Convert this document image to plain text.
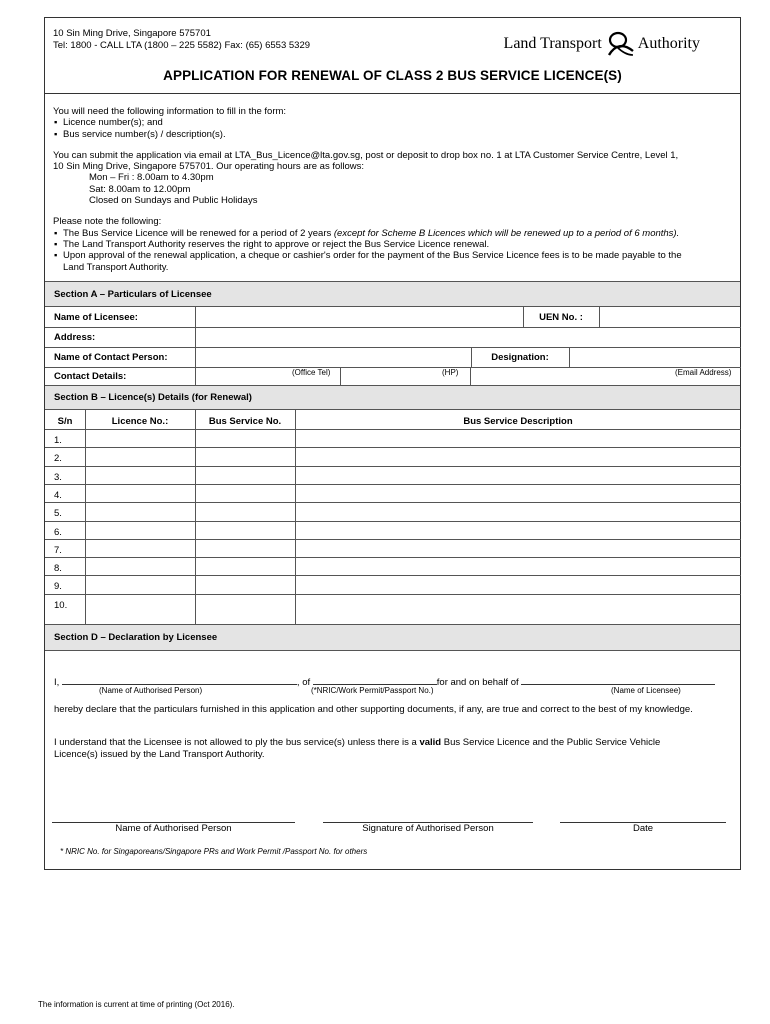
10 Sin Ming Drive, Singapore 575701
Tel: 1800 - CALL LTA (1800 – 225 5582) Fax: (65) 6553 5329	Land Transport Authority
APPLICATION FOR RENEWAL OF CLASS 2 BUS SERVICE LICENCE(S)

You will need the following information to fill in the form:

▪ Licence number(s); and
▪ Bus service number(s) / description(s).

You can submit the application via email at LTA_Bus_Licence@lta.gov.sg, post or deposit to drop box no. 1 at LTA Customer Service Centre, Level 1,

10 Sin Ming Drive, Singapore 575701. Our operating hours are as follows:

Mon – Fri : 8.00am to 4.30pm

Sat: 8.00am to 12.00pm

Closed on Sundays and Public Holidays

Please note the following:

▪ The Bus Service Licence will be renewed for a period of 2 years (except for Scheme B Licences which will be renewed up to a period of 6 months).
▪ The Land Transport Authority reserves the right to approve or reject the Bus Service Licence renewal.
▪ Upon approval of the renewal application, a cheque or cashier's order for the payment of the Bus Service Licence fees is to be made payable to the
Land Transport Authority.
Section A – Particulars of Licensee
Name of Licensee:	UEN No. :
Address:
Name of Contact Person:	Designation:
Contact Details:	(Office Tel)	(HP)	(Email Address)
Section B – Licence(s) Details (for Renewal)
S/n	Licence No.:	Bus Service No.	Bus Service Description
1.
2.
3.
4.
5.
6.
7.
8.
9.
10.
Section D – Declaration by Licensee
I,	, of	for and on behalf of
(Name of Authorised Person)	(*NRIC/Work Permit/Passport No.)	(Name of Licensee)
hereby declare that the particulars furnished in this application and other supporting documents, if any, are true and correct to the best of my knowledge.
I understand that the Licensee is not allowed to ply the bus service(s) unless there is a valid Bus Service Licence and the Public Service Vehicle
Licence(s) issued by the Land Transport Authority.
Name of Authorised Person	Signature of Authorised Person	Date
* NRIC No. for Singaporeans/Singapore PRs and Work Permit /Passport No. for others
The information is current at time of printing (Oct 2016).
